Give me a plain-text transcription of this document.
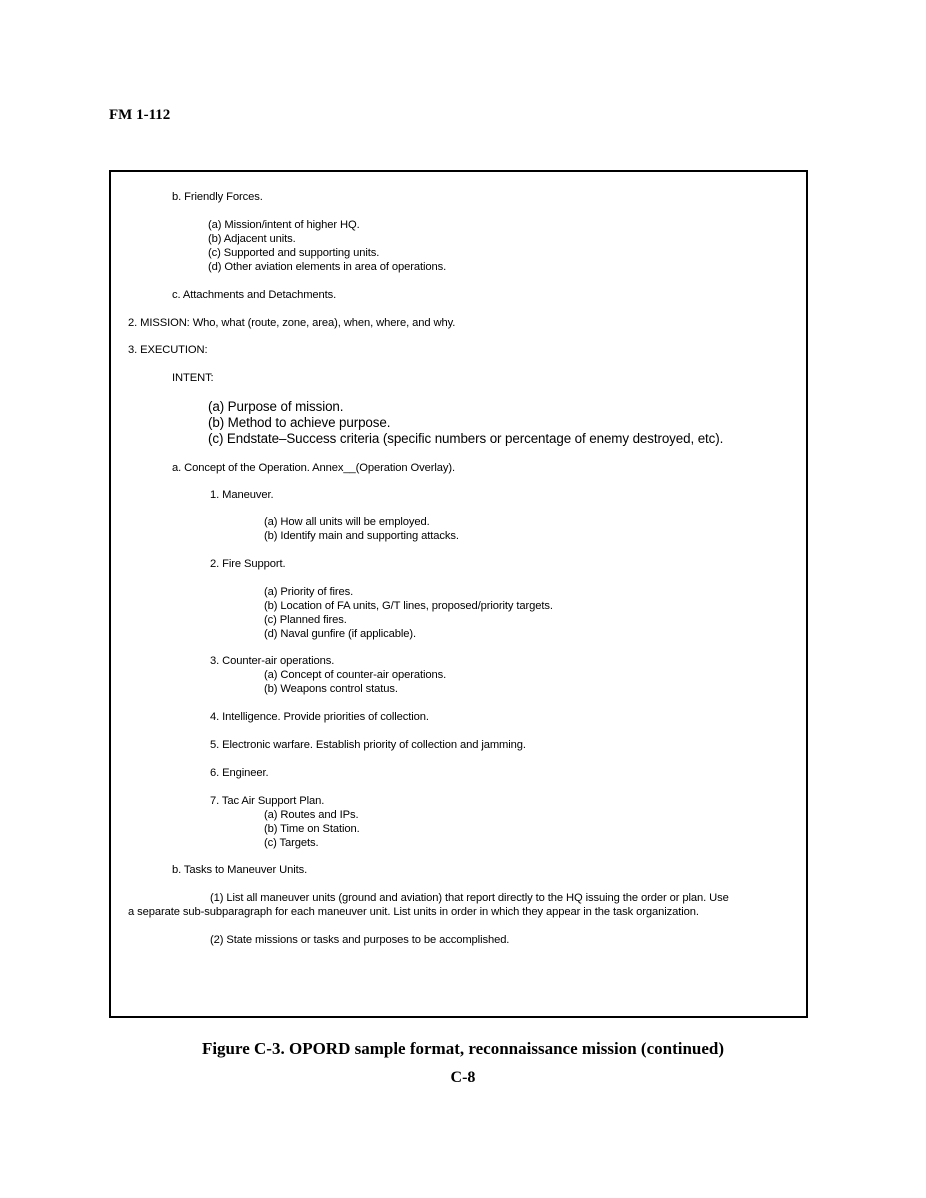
FM 1-112
b. Friendly Forces.
(a) Mission/intent of higher HQ.
(b) Adjacent units.
(c) Supported and supporting units.
(d) Other aviation elements in area of operations.
c. Attachments and Detachments.
2. MISSION: Who, what (route, zone, area), when, where, and why.
3. EXECUTION:
INTENT:
(a) Purpose of mission.
(b) Method to achieve purpose.
(c) Endstate–Success criteria (specific numbers or percentage of enemy destroyed, etc).
a. Concept of the Operation. Annex__(Operation Overlay).
1. Maneuver.
(a) How all units will be employed.
(b) Identify main and supporting attacks.
2. Fire Support.
(a) Priority of fires.
(b) Location of FA units, G/T lines, proposed/priority targets.
(c) Planned fires.
(d) Naval gunfire (if applicable).
3. Counter-air operations.
(a) Concept of counter-air operations.
(b) Weapons control status.
4. Intelligence. Provide priorities of collection.
5. Electronic warfare. Establish priority of collection and jamming.
6. Engineer.
7. Tac Air Support Plan.
(a) Routes and IPs.
(b) Time on Station.
(c) Targets.
b. Tasks to Maneuver Units.
(1) List all maneuver units (ground and aviation) that report directly to the HQ issuing the order or plan. Use
a separate sub-subparagraph for each maneuver unit. List units in order in which they appear in the task organization.
(2) State missions or tasks and purposes to be accomplished.
Figure C-3. OPORD sample format, reconnaissance mission (continued)
C-8
